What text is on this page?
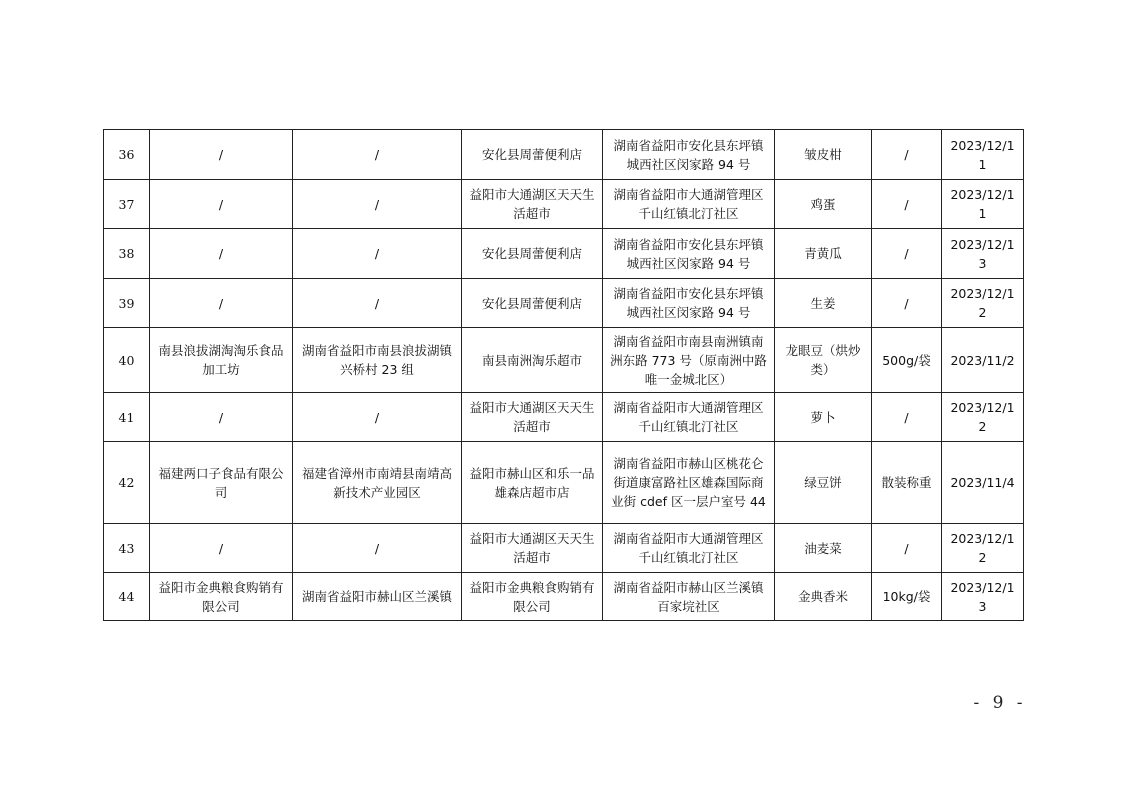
36	/	/	安化县周蕾便利店	湖南省益阳市安化县东坪镇城西社区闵家路 94 号	皱皮柑	/	2023/12/11
37	/	/	益阳市大通湖区天天生活超市	湖南省益阳市大通湖管理区千山红镇北汀社区	鸡蛋	/	2023/12/11
38	/	/	安化县周蕾便利店	湖南省益阳市安化县东坪镇城西社区闵家路 94 号	青黄瓜	/	2023/12/13
39	/	/	安化县周蕾便利店	湖南省益阳市安化县东坪镇城西社区闵家路 94 号	生姜	/	2023/12/12
40	南县浪拔湖淘淘乐食品加工坊	湖南省益阳市南县浪拔湖镇兴桥村 23 组	南县南洲淘乐超市	湖南省益阳市南县南洲镇南洲东路 773 号（原南洲中路唯一金城北区）	龙眼豆（烘炒类）	500g/袋	2023/11/2
41	/	/	益阳市大通湖区天天生活超市	湖南省益阳市大通湖管理区千山红镇北汀社区	萝卜	/	2023/12/12
42	福建两口子食品有限公司	福建省漳州市南靖县南靖高新技术产业园区	益阳市赫山区和乐一品雄森店超市店	湖南省益阳市赫山区桃花仑街道康富路社区雄森国际商业街 cdef 区一层户室号 44	绿豆饼	散装称重	2023/11/4
43	/	/	益阳市大通湖区天天生活超市	湖南省益阳市大通湖管理区千山红镇北汀社区	油麦菜	/	2023/12/12
44	益阳市金典粮食购销有限公司	湖南省益阳市赫山区兰溪镇	益阳市金典粮食购销有限公司	湖南省益阳市赫山区兰溪镇百家垸社区	金典香米	10kg/袋	2023/12/13
- 9 -
